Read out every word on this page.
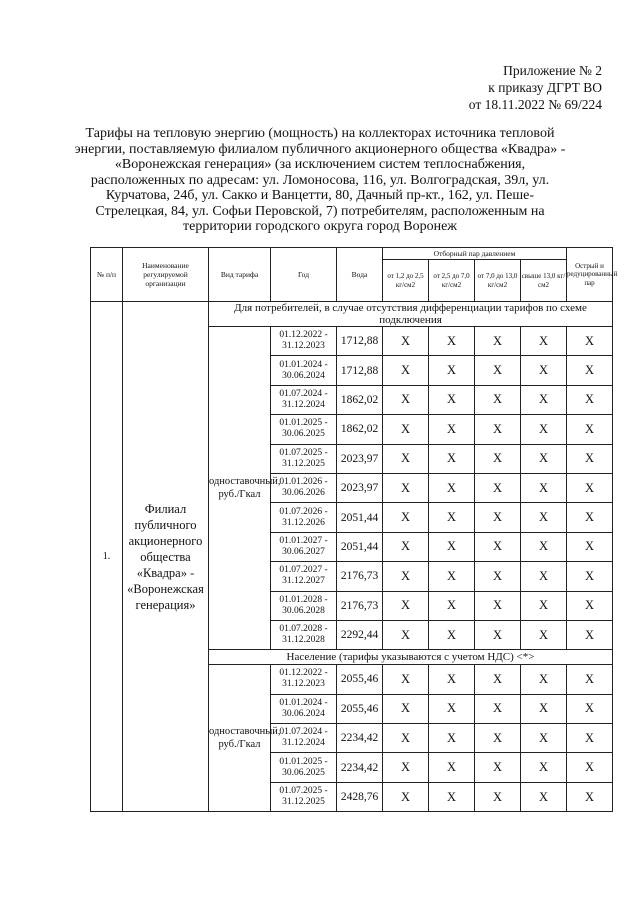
Приложение № 2
к приказу ДГРТ ВО
от 18.11.2022 № 69/224
Тарифы на тепловую энергию (мощность) на коллекторах источника тепловой энергии, поставляемую филиалом публичного акционерного общества «Квадра» - «Воронежская генерация» (за исключением систем теплоснабжения, расположенных по адресам: ул. Ломоносова, 116, ул. Волгоградская, 39л, ул. Курчатова, 24б, ул. Сакко и Ванцетти, 80, Дачный пр-кт., 162, ул. Пеше-Стрелецкая, 84, ул. Софьи Перовской, 7) потребителям, расположенным на территории городского округа город Воронеж
№ п/п	Наименование регулируемой организации	Вид тарифа	Год	Вода	Отборный пар давлением				Острый и редуцированный пар
					от 1,2 до 2,5 кг/см2	от 2,5 до 7,0 кг/см2	от 7,0 до 13,0 кг/см2	свыше 13,0 кг/см2	
1.	Филиал публичного акционерного общества «Квадра» - «Воронежская генерация»	Для потребителей, в случае отсутствия дифференциации тарифов по схеме подключения							
		одноставочный, руб./Гкал	01.12.2022 - 31.12.2023	1712,88	X	X	X	X	X
			01.01.2024 - 30.06.2024	1712,88	X	X	X	X	X
			01.07.2024 - 31.12.2024	1862,02	X	X	X	X	X
			01.01.2025 - 30.06.2025	1862,02	X	X	X	X	X
			01.07.2025 - 31.12.2025	2023,97	X	X	X	X	X
			01.01.2026 - 30.06.2026	2023,97	X	X	X	X	X
			01.07.2026 - 31.12.2026	2051,44	X	X	X	X	X
			01.01.2027 - 30.06.2027	2051,44	X	X	X	X	X
			01.07.2027 - 31.12.2027	2176,73	X	X	X	X	X
			01.01.2028 - 30.06.2028	2176,73	X	X	X	X	X
			01.07.2028 - 31.12.2028	2292,44	X	X	X	X	X
		Население (тарифы указываются с учетом НДС) <*>							
		одноставочный, руб./Гкал	01.12.2022 - 31.12.2023	2055,46	X	X	X	X	X
			01.01.2024 - 30.06.2024	2055,46	X	X	X	X	X
			01.07.2024 - 31.12.2024	2234,42	X	X	X	X	X
			01.01.2025 - 30.06.2025	2234,42	X	X	X	X	X
			01.07.2025 - 31.12.2025	2428,76	X	X	X	X	X
